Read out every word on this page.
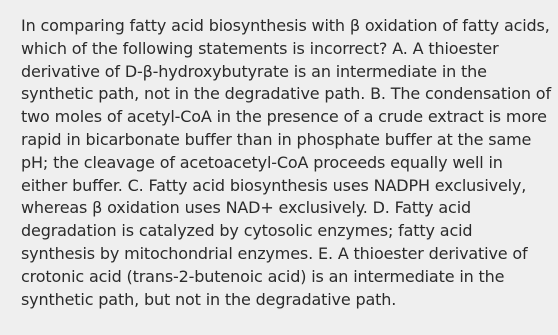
In comparing fatty acid biosynthesis with β oxidation of fatty acids, which of the following statements is incorrect? A. A thioester derivative of D-β-hydroxybutyrate is an intermediate in the synthetic path, not in the degradative path. B. The condensation of two moles of acetyl-CoA in the presence of a crude extract is more rapid in bicarbonate buffer than in phosphate buffer at the same pH; the cleavage of acetoacetyl-CoA proceeds equally well in either buffer. C. Fatty acid biosynthesis uses NADPH exclusively, whereas β oxidation uses NAD+ exclusively. D. Fatty acid degradation is catalyzed by cytosolic enzymes; fatty acid synthesis by mitochondrial enzymes. E. A thioester derivative of crotonic acid (trans-2-butenoic acid) is an intermediate in the synthetic path, but not in the degradative path.
